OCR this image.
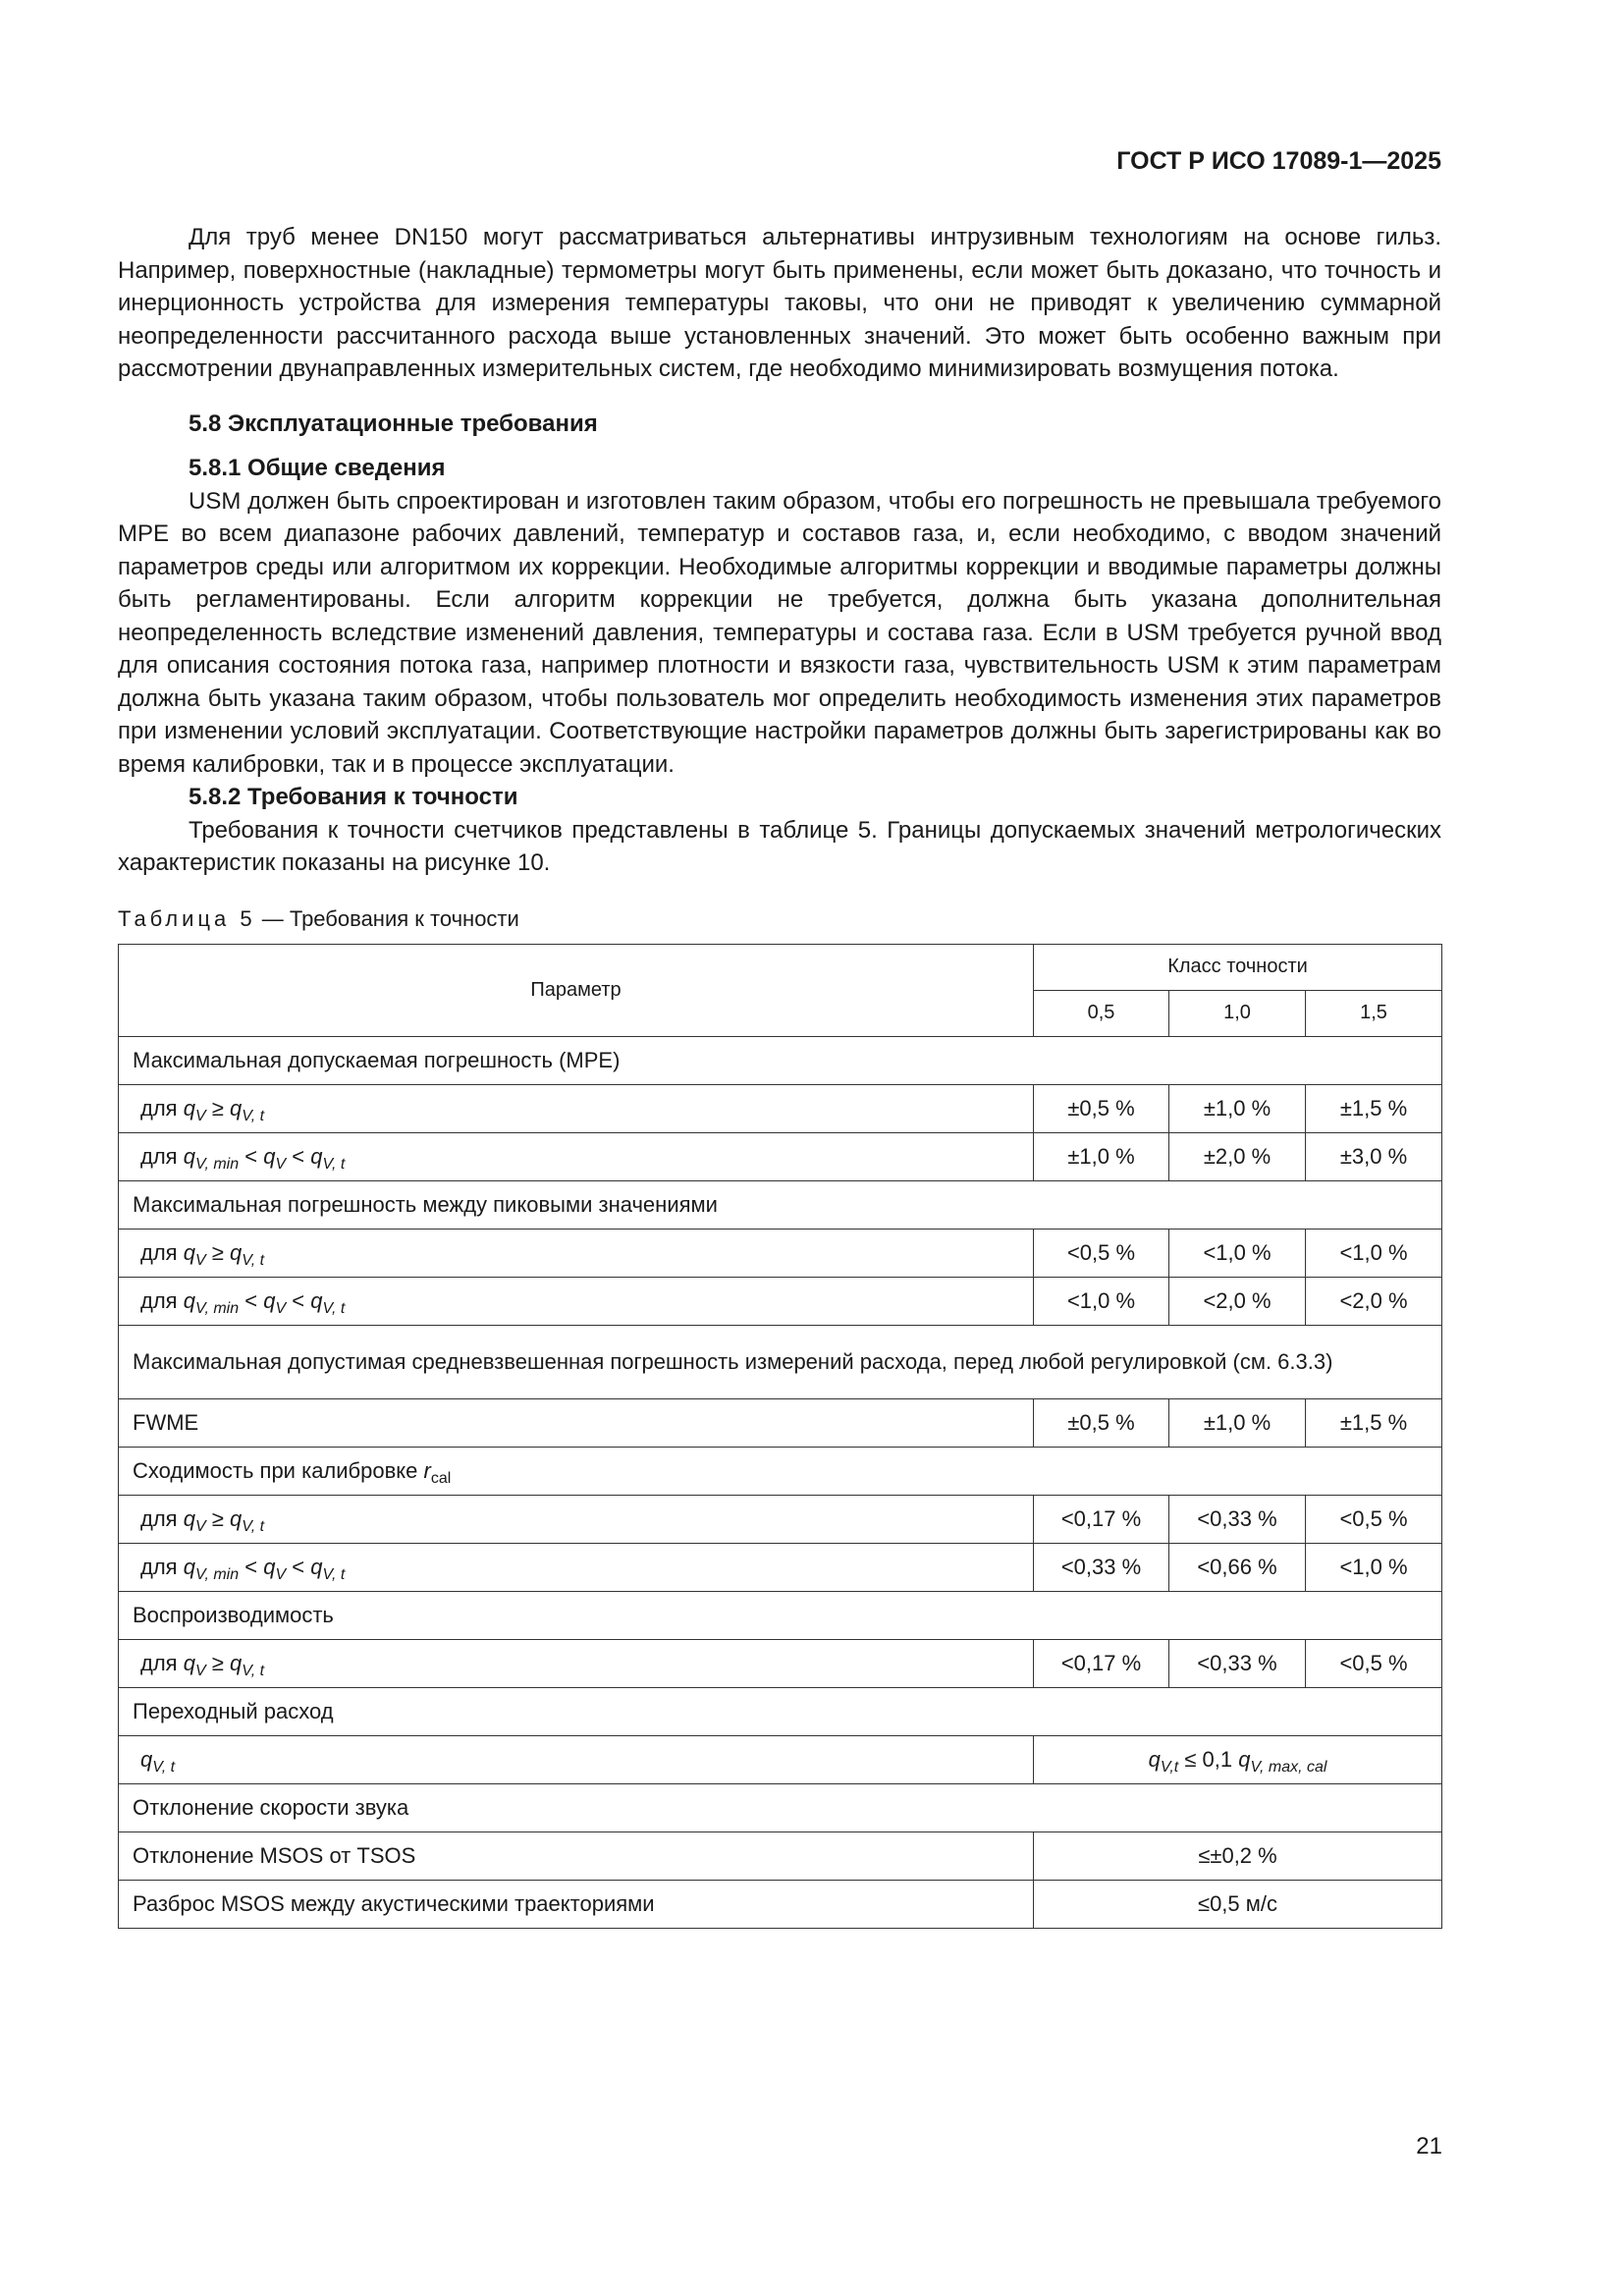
ГОСТ Р ИСО 17089-1—2025

Для труб менее DN150 могут рассматриваться альтернативы интрузивным технологиям на основе гильз. Например, поверхностные (накладные) термометры могут быть применены, если может быть доказано, что точность и инерционность устройства для измерения температуры таковы, что они не приводят к увеличению суммарной неопределенности рассчитанного расхода выше установленных значений. Это может быть особенно важным при рассмотрении двунаправленных измерительных систем, где необходимо минимизировать возмущения потока.

5.8 Эксплуатационные требования
5.8.1 Общие сведения

USM должен быть спроектирован и изготовлен таким образом, чтобы его погрешность не превышала требуемого MPE во всем диапазоне рабочих давлений, температур и составов газа, и, если необходимо, с вводом значений параметров среды или алгоритмом их коррекции. Необходимые алгоритмы коррекции и вводимые параметры должны быть регламентированы. Если алгоритм коррекции не требуется, должна быть указана дополнительная неопределенность вследствие изменений давления, температуры и состава газа. Если в USM требуется ручной ввод для описания состояния потока газа, например плотности и вязкости газа, чувствительность USM к этим параметрам должна быть указана таким образом, чтобы пользователь мог определить необходимость изменения этих параметров при изменении условий эксплуатации. Соответствующие настройки параметров должны быть зарегистрированы как во время калибровки, так и в процессе эксплуатации.

5.8.2 Требования к точности

Требования к точности счетчиков представлены в таблице 5. Границы допускаемых значений метрологических характеристик показаны на рисунке 10.

Таблица 5 — Требования к точности
Параметр	Класс точности		
	0,5	1,0	1,5
Максимальная допускаемая погрешность (MPE)			
для $q_V \ge q_{V, t}$	±0,5 %	±1,0 %	±1,5 %
для $q_{V, min} < q_V < q_{V, t}$	±1,0 %	±2,0 %	±3,0 %
Максимальная погрешность между пиковыми значениями			
для $q_V \ge q_{V, t}$	<0,5 %	<1,0 %	<1,0 %
для $q_{V, min} < q_V < q_{V, t}$	<1,0 %	<2,0 %	<2,0 %
Максимальная допустимая средневзвешенная погрешность измерений расхода, перед любой регулировкой (см. 6.3.3)			
FWME	±0,5 %	±1,0 %	±1,5 %
Сходимость при калибровке $r_{cal}$
для $q_V \ge q_{V, t}$	<0,17 %	<0,33 %	<0,5 %
для $q_{V, min} < q_V < q_{V, t}$	<0,33 %	<0,66 %	<1,0 %
Воспроизводимость			
для $q_V \ge q_{V, t}$	<0,17 %	<0,33 %	<0,5 %
Переходный расход			
$q_{V, t}$	$q_{V,t} \le 0,1$ $q_{V, max, cal}$
Отклонение скорости звука			
Отклонение MSOS от TSOS	≤±0,2 %		
Разброс MSOS между акустическими траекториями	≤0,5 м/с		
21
